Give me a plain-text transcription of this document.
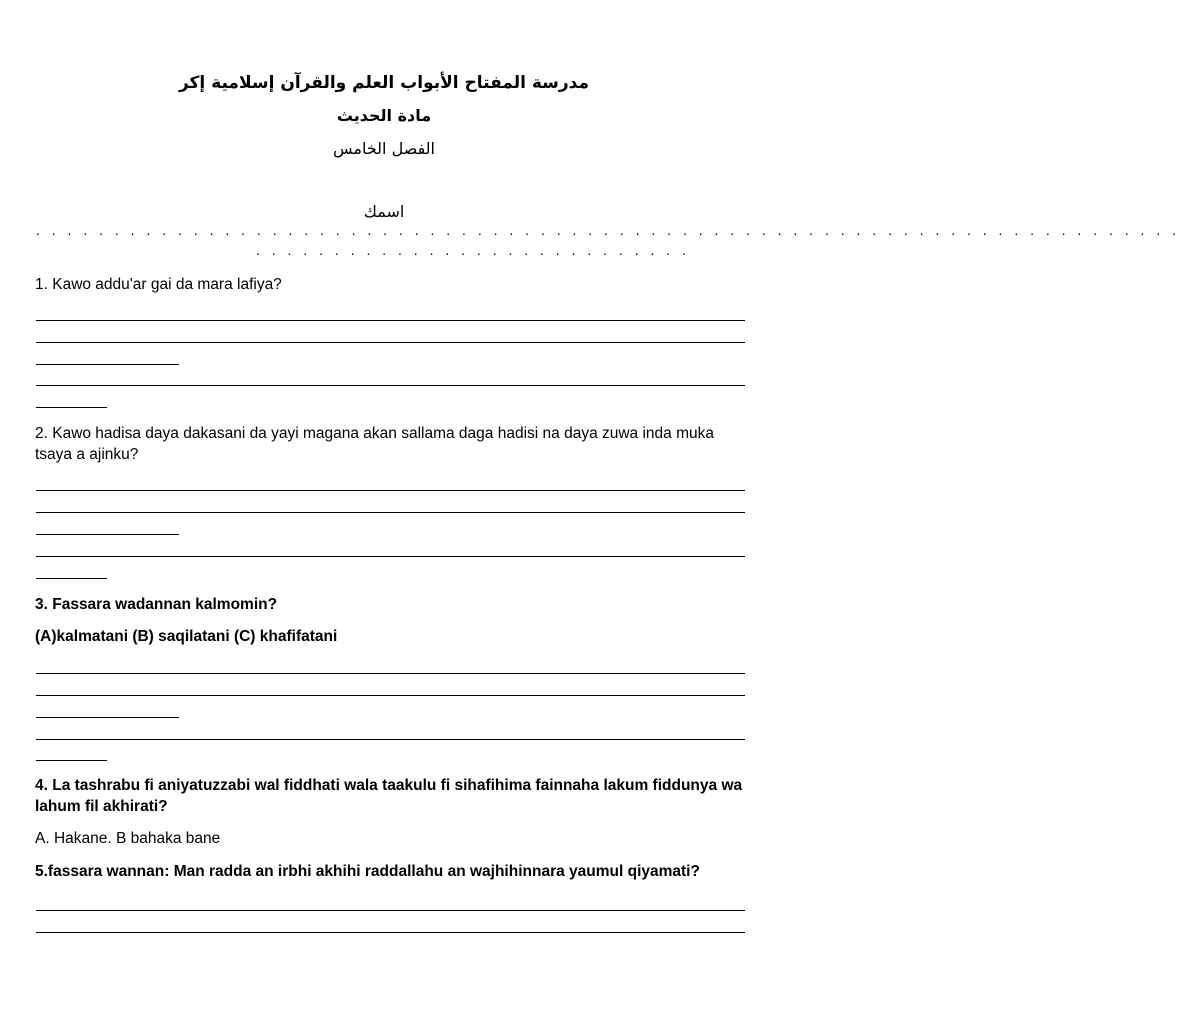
مدرسة المفتاح الأبواب العلم والقرآن إسلامية إكر
مادة الحديث
الفصل الخامس
اسمك
. . . . . . . . . . . . . . . . . . . . . . . . . . . . . . . . . . . . . . . . . . . . . . . . . . . . . . . . . . . . . . . . . . . . . . . . .
. . . . . . . . . . . . . . . . . . . . . . . . . . . .
1. Kawo addu'ar gai da mara lafiya?
2. Kawo hadisa daya dakasani da yayi magana akan sallama daga hadisi na daya zuwa inda muka tsaya a ajinku?
3. Fassara wadannan kalmomin?
(A)kalmatani (B) saqilatani (C) khafifatani
4. La tashrabu fi aniyatuzzabi wal fiddhati wala taakulu fi sihafihima fainnaha lakum fiddunya wa lahum fil akhirati?
A. Hakane. B bahaka bane
5.fassara wannan: Man radda an irbhi akhihi raddallahu an wajhihinnara yaumul qiyamati?
